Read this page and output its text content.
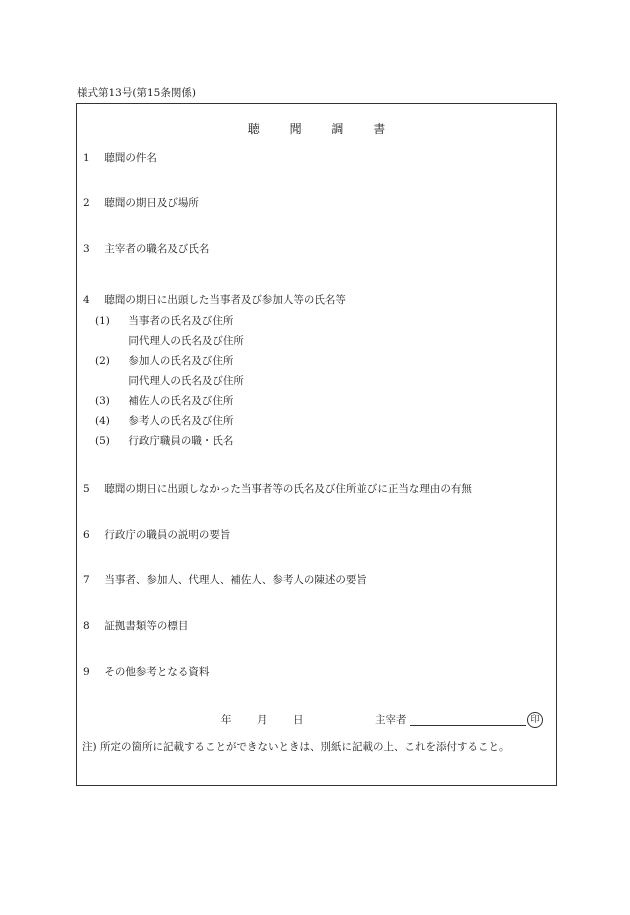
様式第13号(第15条関係)
聴 聞 調 書
1 聴聞の件名
2 聴聞の期日及び場所
3 主宰者の職名及び氏名
4 聴聞の期日に出頭した当事者及び参加人等の氏名等
(1) 当事者の氏名及び住所
同代理人の氏名及び住所
(2) 参加人の氏名及び住所
同代理人の氏名及び住所
(3) 補佐人の氏名及び住所
(4) 参考人の氏名及び住所
(5) 行政庁職員の職・氏名
5 聴聞の期日に出頭しなかった当事者等の氏名及び住所並びに正当な理由の有無
6 行政庁の職員の説明の要旨
7 当事者、参加人、代理人、補佐人、参考人の陳述の要旨
8 証拠書類等の標目
9 その他参考となる資料
年 月 日	主宰者	印
注) 所定の箇所に記載することができないときは、別紙に記載の上、これを添付すること。
